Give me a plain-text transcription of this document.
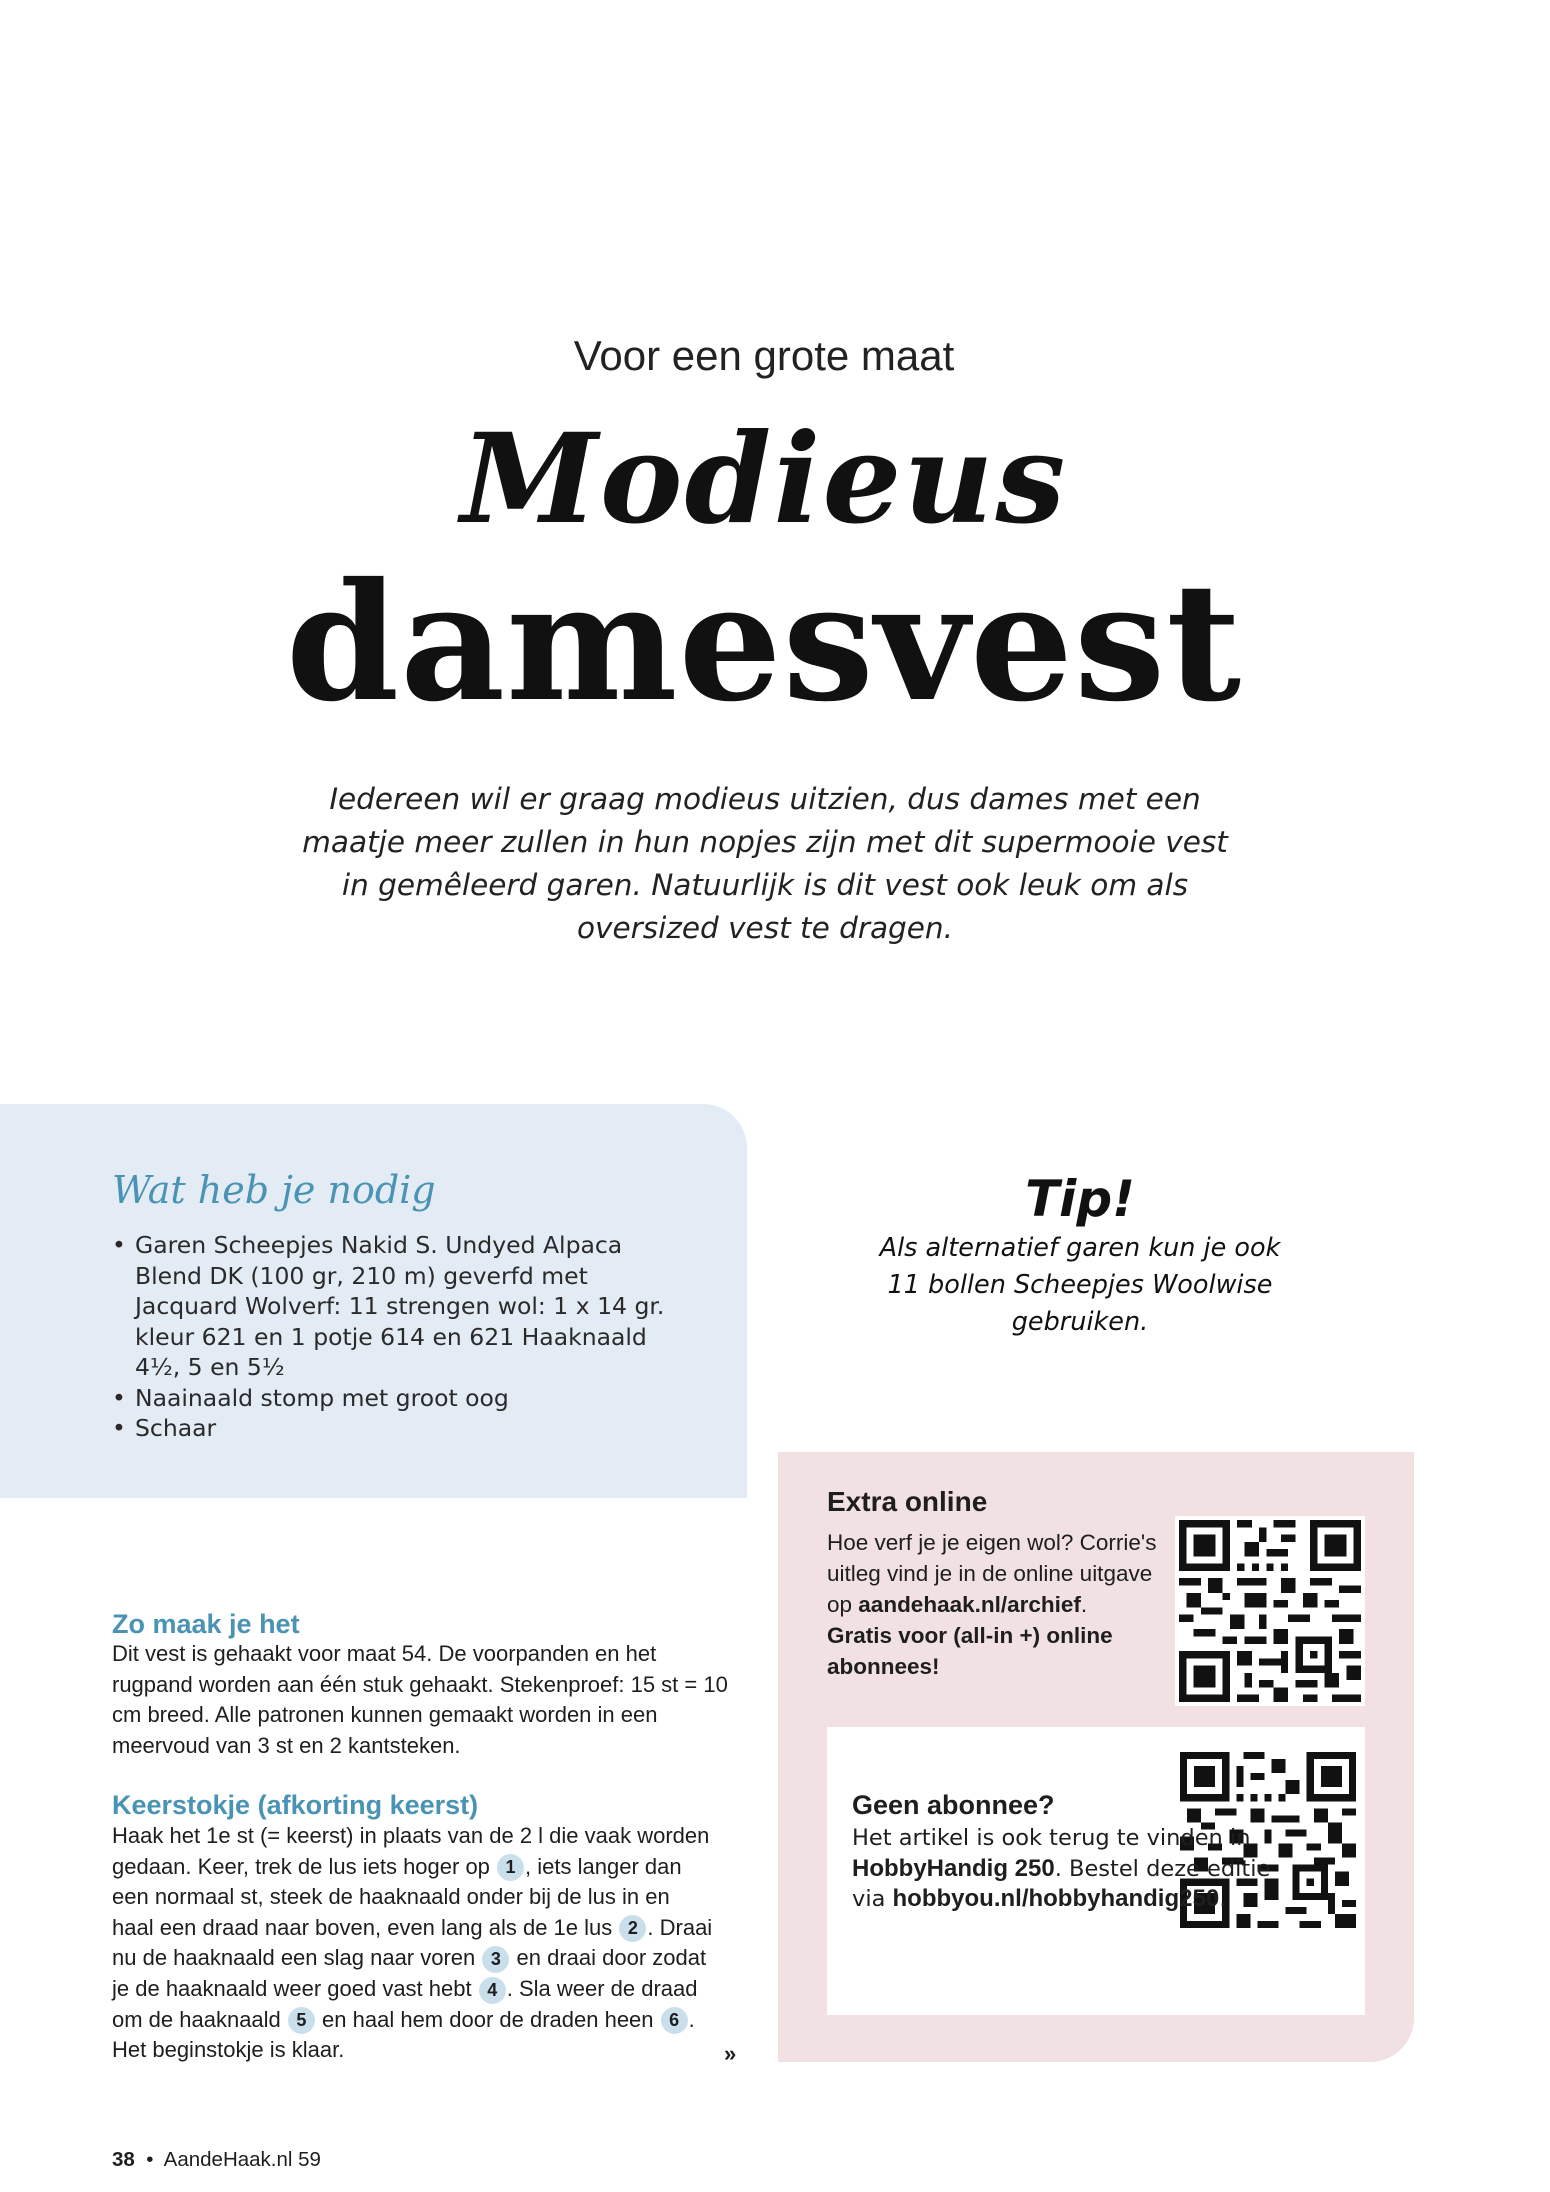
Voor een grote maat
Modieus
damesvest
Iedereen wil er graag modieus uitzien, dus dames met een maatje meer zullen in hun nopjes zijn met dit supermooie vest in gemêleerd garen. Natuurlijk is dit vest ook leuk om als oversized vest te dragen.
Wat heb je nodig
• Garen Scheepjes Nakid S. Undyed Alpaca Blend DK (100 gr, 210 m) geverfd met Jacquard Wolverf: 11 strengen wol: 1 x 14 gr. kleur 621 en 1 potje 614 en 621 Haaknaald 4½, 5 en 5½
• Naainaald stomp met groot oog
• Schaar
Tip!
Als alternatief garen kun je ook 11 bollen Scheepjes Woolwise gebruiken.
Extra online
Hoe verf je je eigen wol? Corrie's uitleg vind je in de online uitgave op aandehaak.nl/archief. Gratis voor (all-in +) online abonnees!
Geen abonnee?
Het artikel is ook terug te vinden in HobbyHandig 250. Bestel deze editie via hobbyou.nl/hobbyhandig250.
Zo maak je het
Dit vest is gehaakt voor maat 54. De voorpanden en het rugpand worden aan één stuk gehaakt. Stekenproef: 15 st = 10 cm breed. Alle patronen kunnen gemaakt worden in een meervoud van 3 st en 2 kantsteken.
Keerstokje (afkorting keerst)
Haak het 1e st (= keerst) in plaats van de 2 l die vaak worden
gedaan. Keer, trek de lus iets hoger op 1 , iets langer dan
een normaal st, steek de haaknaald onder bij de lus in en
haal een draad naar boven, even lang als de 1e lus 2 . Draai
nu de haaknaald een slag naar voren 3 en draai door zodat
je de haaknaald weer goed vast hebt 4 . Sla weer de draad
om de haaknaald 5 en haal hem door de draden heen 6 .
Het beginstokje is klaar.	»
38 • AandeHaak.nl 59
